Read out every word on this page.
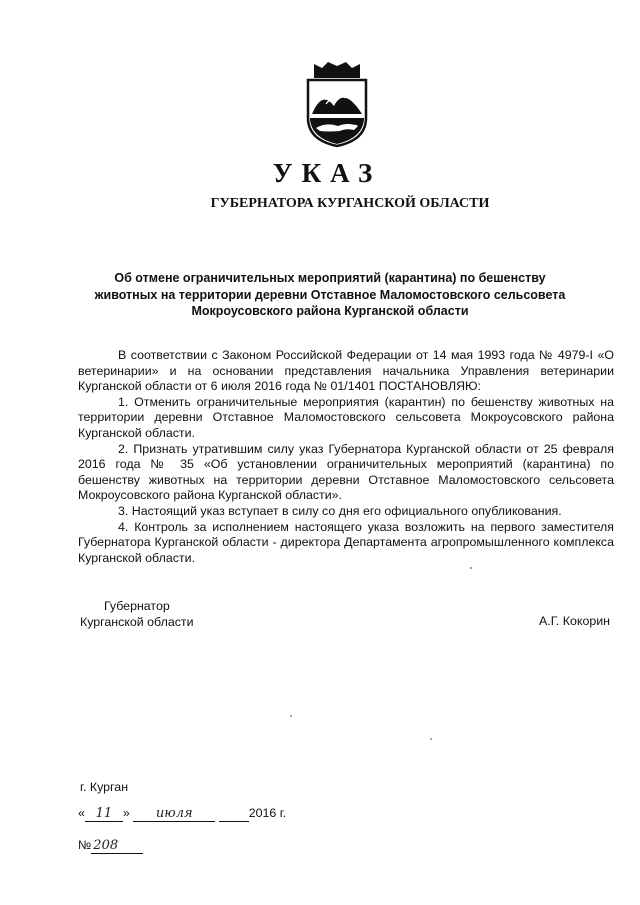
УКАЗ
ГУБЕРНАТОРА КУРГАНСКОЙ ОБЛАСТИ
Об отмене ограничительных мероприятий (карантина) по бешенству
животных на территории деревни Отставное Маломостовского сельсовета
Мокроусовского района Курганской области

В соответствии с Законом Российской Федерации от 14 мая 1993 года № 4979-I «О ветеринарии» и на основании представления начальника Управления ветеринарии Курганской области от 6 июля 2016 года № 01/1401 ПОСТАНОВЛЯЮ:

1. Отменить ограничительные мероприятия (карантин) по бешенству животных на территории деревни Отставное Маломостовского сельсовета Мокроусовского района Курганской области.

2. Признать утратившим силу указ Губернатора Курганской области от 25 февраля 2016 года № 35 «Об установлении ограничительных мероприятий (карантина) по бешенству животных на территории деревни Отставное Маломостовского сельсовета Мокроусовского района Курганской области».

3. Настоящий указ вступает в силу со дня его официального опубликования.

4. Контроль за исполнением настоящего указа возложить на первого заместителя Губернатора Курганской области - директора Департамента агропромышленного комплекса Курганской области.

Губернатор
Курганской области	А.Г. Кокорин
г. Курган
« 11 » июля	2016 г.
№ 208
